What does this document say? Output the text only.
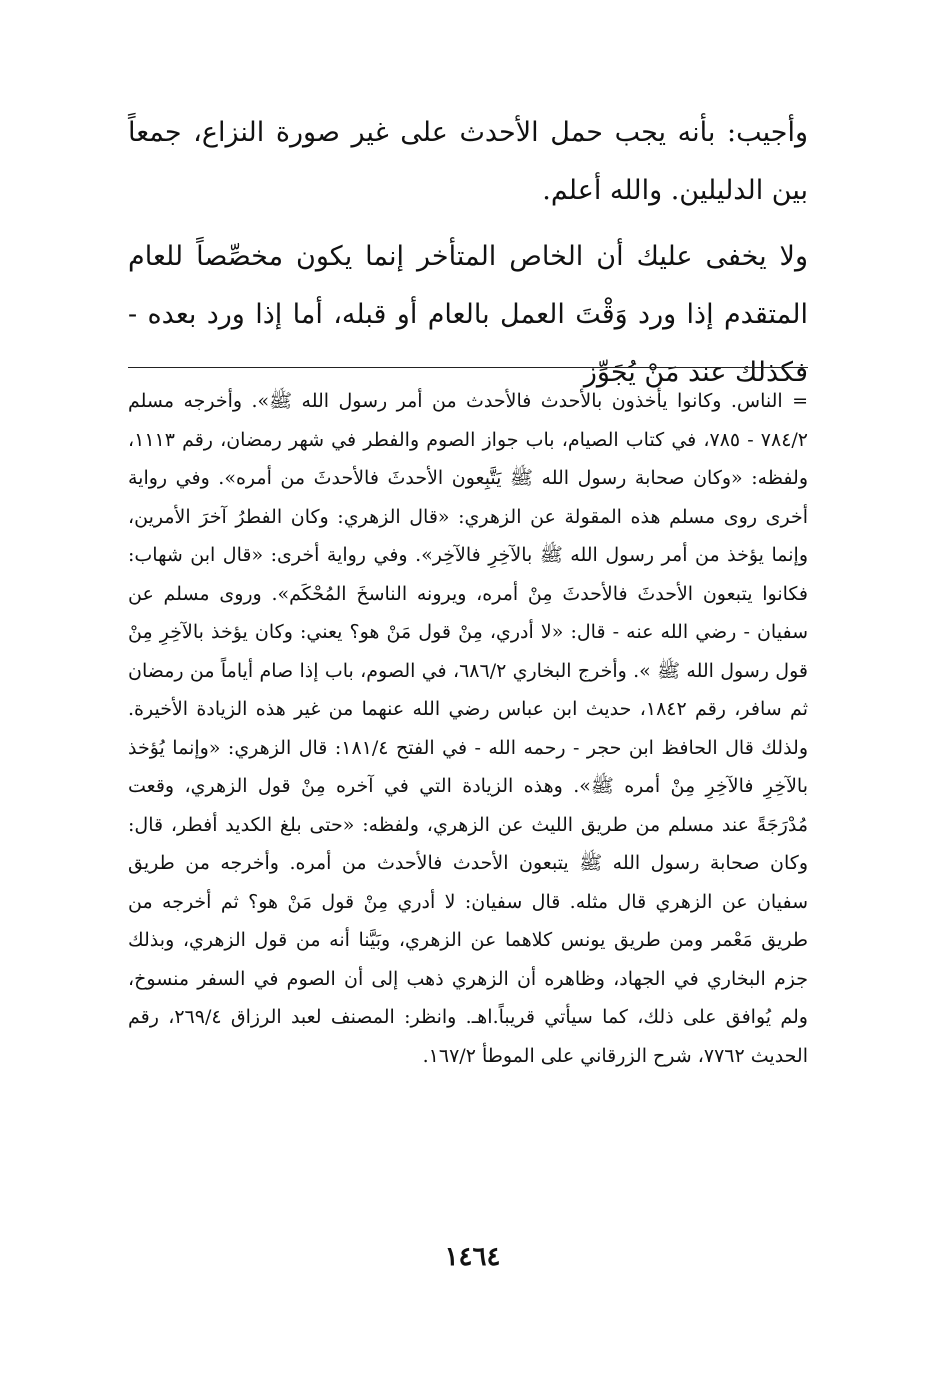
وأجيب: بأنه يجب حمل الأحدث على غير صورة النزاع، جمعاً بين الدليلين. والله أعلم.

ولا يخفى عليك أن الخاص المتأخر إنما يكون مخصِّصاً للعام المتقدم إذا ورد وَقْتَ العمل بالعام أو قبله، أما إذا ورد بعده - فكذلك عند مَنْ يُجَوِّز

= الناس. وكانوا يأخذون بالأحدث فالأحدث من أمر رسول الله ﷺ». وأخرجه مسلم ٧٨٤/٢ - ٧٨٥، في كتاب الصيام، باب جواز الصوم والفطر في شهر رمضان، رقم ١١١٣، ولفظه: «وكان صحابة رسول الله ﷺ يَتَّبِعون الأحدثَ فالأحدثَ من أمره». وفي رواية أخرى روى مسلم هذه المقولة عن الزهري: «قال الزهري: وكان الفطرُ آخرَ الأمرين، وإنما يؤخذ من أمر رسول الله ﷺ بالآخِرِ فالآخِر». وفي رواية أخرى: «قال ابن شهاب: فكانوا يتبعون الأحدثَ فالأحدثَ مِنْ أمره، ويرونه الناسخَ المُحْكَم». وروى مسلم عن سفيان - رضي الله عنه - قال: «لا أدري، مِنْ قول مَنْ هو؟ يعني: وكان يؤخذ بالآخِرِ مِنْ قول رسول الله ﷺ ». وأخرج البخاري ٦٨٦/٢، في الصوم، باب إذا صام أياماً من رمضان ثم سافر، رقم ١٨٤٢، حديث ابن عباس رضي الله عنهما من غير هذه الزيادة الأخيرة. ولذلك قال الحافظ ابن حجر - رحمه الله - في الفتح ١٨١/٤: قال الزهري: «وإنما يُؤخذ بالآخِرِ فالآخِرِ مِنْ أمره ﷺ». وهذه الزيادة التي في آخره مِنْ قول الزهري، وقعت مُدْرَجَةً عند مسلم من طريق الليث عن الزهري، ولفظه: «حتى بلغ الكديد أفطر، قال: وكان صحابة رسول الله ﷺ يتبعون الأحدث فالأحدث من أمره. وأخرجه من طريق سفيان عن الزهري قال مثله. قال سفيان: لا أدري مِنْ قول مَنْ هو؟ ثم أخرجه من طريق مَعْمر ومن طريق يونس كلاهما عن الزهري، وبَيَّنا أنه من قول الزهري، وبذلك جزم البخاري في الجهاد، وظاهره أن الزهري ذهب إلى أن الصوم في السفر منسوخ، ولم يُوافق على ذلك، كما سيأتي قريباً.اهـ. وانظر: المصنف لعبد الرزاق ٢٦٩/٤، رقم الحديث ٧٧٦٢، شرح الزرقاني على الموطأ ١٦٧/٢.

١٤٦٤
